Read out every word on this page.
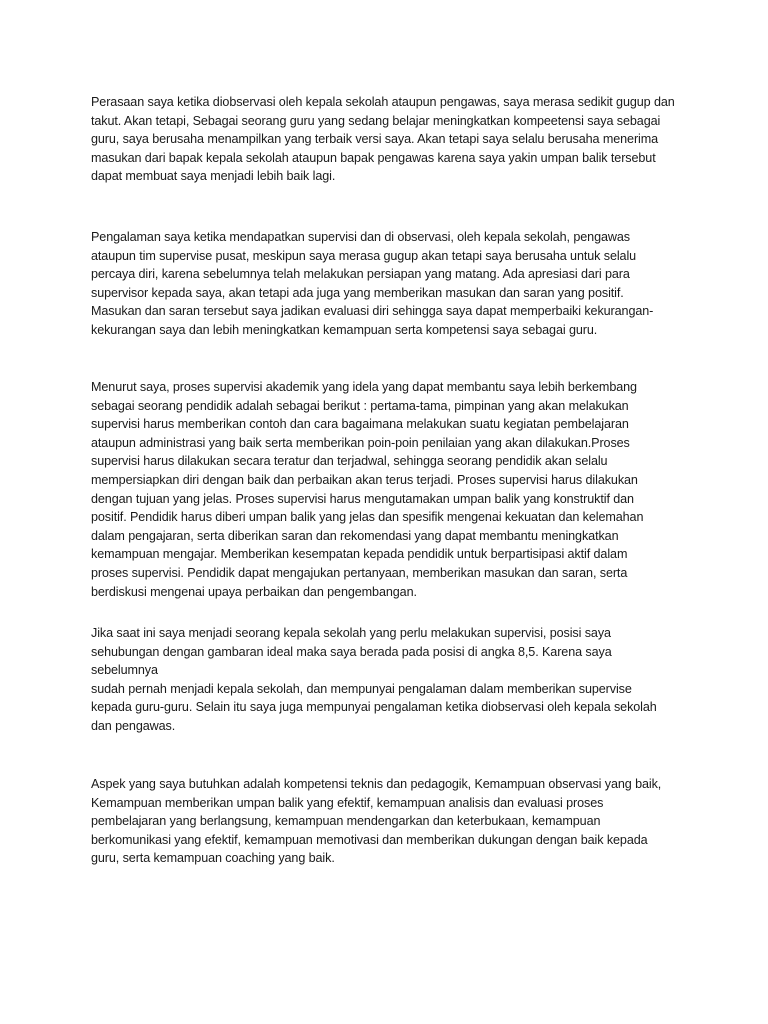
Perasaan saya ketika diobservasi oleh kepala sekolah ataupun pengawas, saya merasa sedikit gugup dan
takut. Akan tetapi, Sebagai seorang guru yang sedang belajar meningkatkan kompeetensi saya sebagai
guru, saya berusaha menampilkan yang terbaik versi saya. Akan tetapi saya selalu berusaha menerima
masukan dari bapak kepala sekolah ataupun bapak pengawas karena saya yakin umpan balik tersebut
dapat membuat saya menjadi lebih baik lagi.

Pengalaman saya ketika mendapatkan supervisi dan di observasi, oleh kepala sekolah, pengawas
ataupun tim supervise pusat, meskipun saya merasa gugup akan tetapi saya berusaha untuk selalu
percaya diri, karena sebelumnya telah melakukan persiapan yang matang. Ada apresiasi dari para
supervisor kepada saya, akan tetapi ada juga yang memberikan masukan dan saran yang positif.
Masukan dan saran tersebut saya jadikan evaluasi diri sehingga saya dapat memperbaiki kekurangan-
kekurangan saya dan lebih meningkatkan kemampuan serta kompetensi saya sebagai guru.

Menurut saya, proses supervisi akademik yang idela yang dapat membantu saya lebih berkembang
sebagai seorang pendidik adalah sebagai berikut : pertama-tama, pimpinan yang akan melakukan
supervisi harus memberikan contoh dan cara bagaimana melakukan suatu kegiatan pembelajaran
ataupun administrasi yang baik serta memberikan poin-poin penilaian yang akan dilakukan.Proses
supervisi harus dilakukan secara teratur dan terjadwal, sehingga seorang pendidik akan selalu
mempersiapkan diri dengan baik dan perbaikan akan terus terjadi. Proses supervisi harus dilakukan
dengan tujuan yang jelas. Proses supervisi harus mengutamakan umpan balik yang konstruktif dan
positif. Pendidik harus diberi umpan balik yang jelas dan spesifik mengenai kekuatan dan kelemahan
dalam pengajaran, serta diberikan saran dan rekomendasi yang dapat membantu meningkatkan
kemampuan mengajar. Memberikan kesempatan kepada pendidik untuk berpartisipasi aktif dalam
proses supervisi. Pendidik dapat mengajukan pertanyaan, memberikan masukan dan saran, serta
berdiskusi mengenai upaya perbaikan dan pengembangan.

Jika saat ini saya menjadi seorang kepala sekolah yang perlu melakukan supervisi, posisi saya
sehubungan dengan gambaran ideal maka saya berada pada posisi di angka 8,5. Karena saya sebelumnya
sudah pernah menjadi kepala sekolah, dan mempunyai pengalaman dalam memberikan supervise
kepada guru-guru. Selain itu saya juga mempunyai pengalaman ketika diobservasi oleh kepala sekolah
dan pengawas.

Aspek yang saya butuhkan adalah kompetensi teknis dan pedagogik, Kemampuan observasi yang baik,
Kemampuan memberikan umpan balik yang efektif, kemampuan analisis dan evaluasi proses
pembelajaran yang berlangsung, kemampuan mendengarkan dan keterbukaan, kemampuan
berkomunikasi yang efektif, kemampuan memotivasi dan memberikan dukungan dengan baik kepada
guru, serta kemampuan coaching yang baik.
